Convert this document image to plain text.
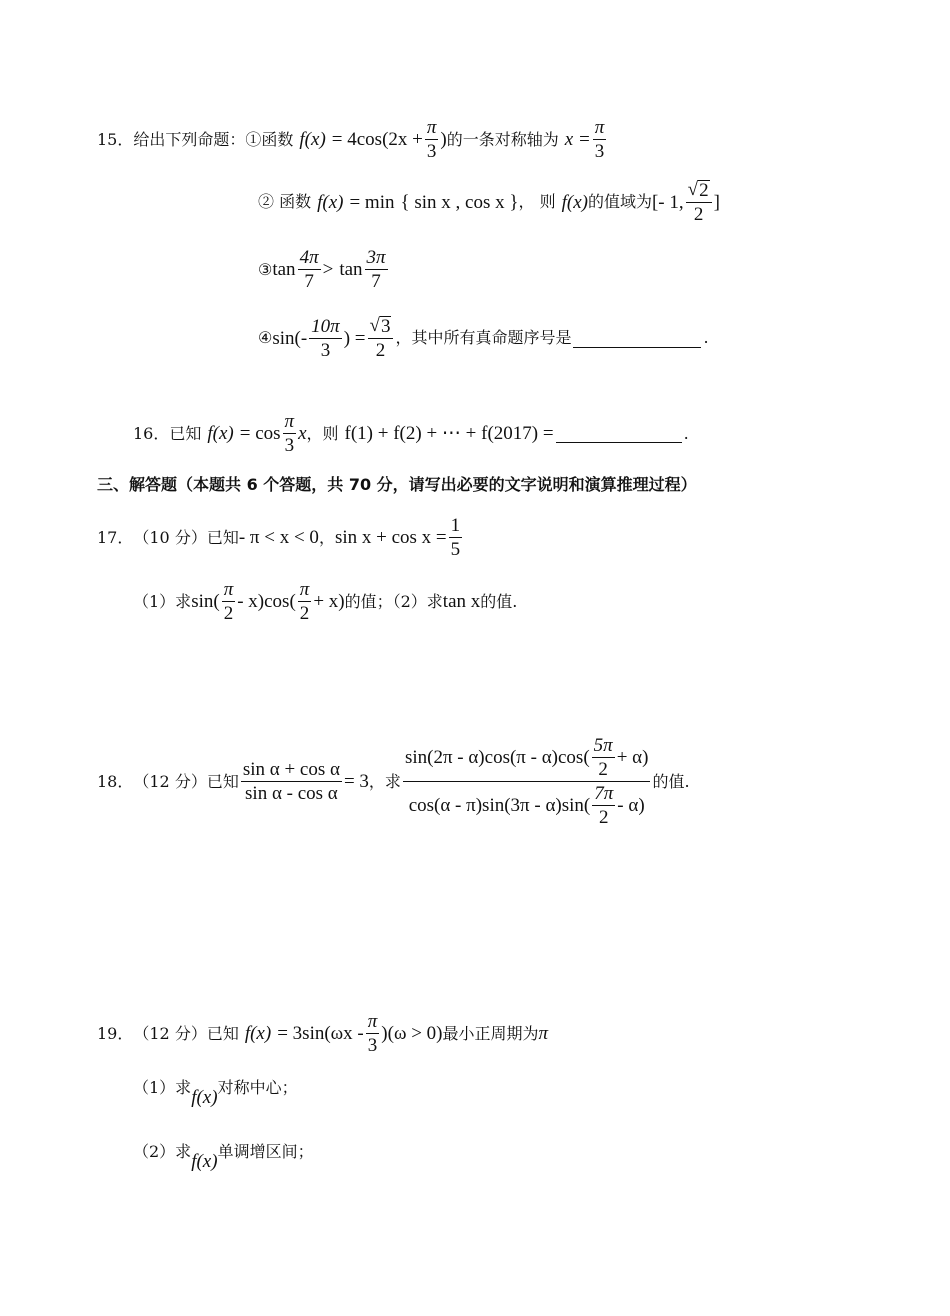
15． 给出下列命题： ①函数 $f(x) = 4\cos(2x + \frac{\pi}{3}$ ) 的一条对称轴为 $x = \frac{\pi}{3}$
② 函数 f(x) = min { sin x , cos x } ， 则 f(x) 的值域为 [- 1, $\frac{√ 2}{2}$ ]
③ $\tan \frac{4\pi}{7} > \tan \frac{3\pi}{7}$
④ $\sin(- \frac{10\pi}{3}$ ) = $\frac{√ 3}{2}$ ，其中所有真命题序号是	.
16．已知 $f(x) = \cos \frac{\pi}{3}$ x ，则 f(1) + f(2) + ⋯ + f(2017) =	.
三、解答题（本题共 6 个答题，共 70 分，请写出必要的文字说明和演算推理过程）
17． （10 分）已知 - π < x < 0 ， $\sin x + \cos x = \frac{1}{5}$
（1）求 $\sin( \frac{\pi}{2} - x)\cos( \frac{\pi}{2} + x)$ 的值；（2）求 tan x 的值.
18． （12 分）已知 $\frac{\text{sin α + cos α}}{\text{sin α - cos α}} = 3$ ，求
$\sin(2\pi - \alpha)\cos(\pi - \alpha)\cos( \frac{5\pi}{2} + \alpha)$
$\cos(\alpha - \pi)\sin(3\pi - \alpha)\sin( \frac{7\pi}{2} - \alpha)$
的值.
19． （12 分）已知 $f(x) = 3\sin(\omega x - \frac{\pi}{3} )(\omega > 0)$ 最小正周期为 π
（1）求 f(x) 对称中心；
（2）求 f(x) 单调增区间；
